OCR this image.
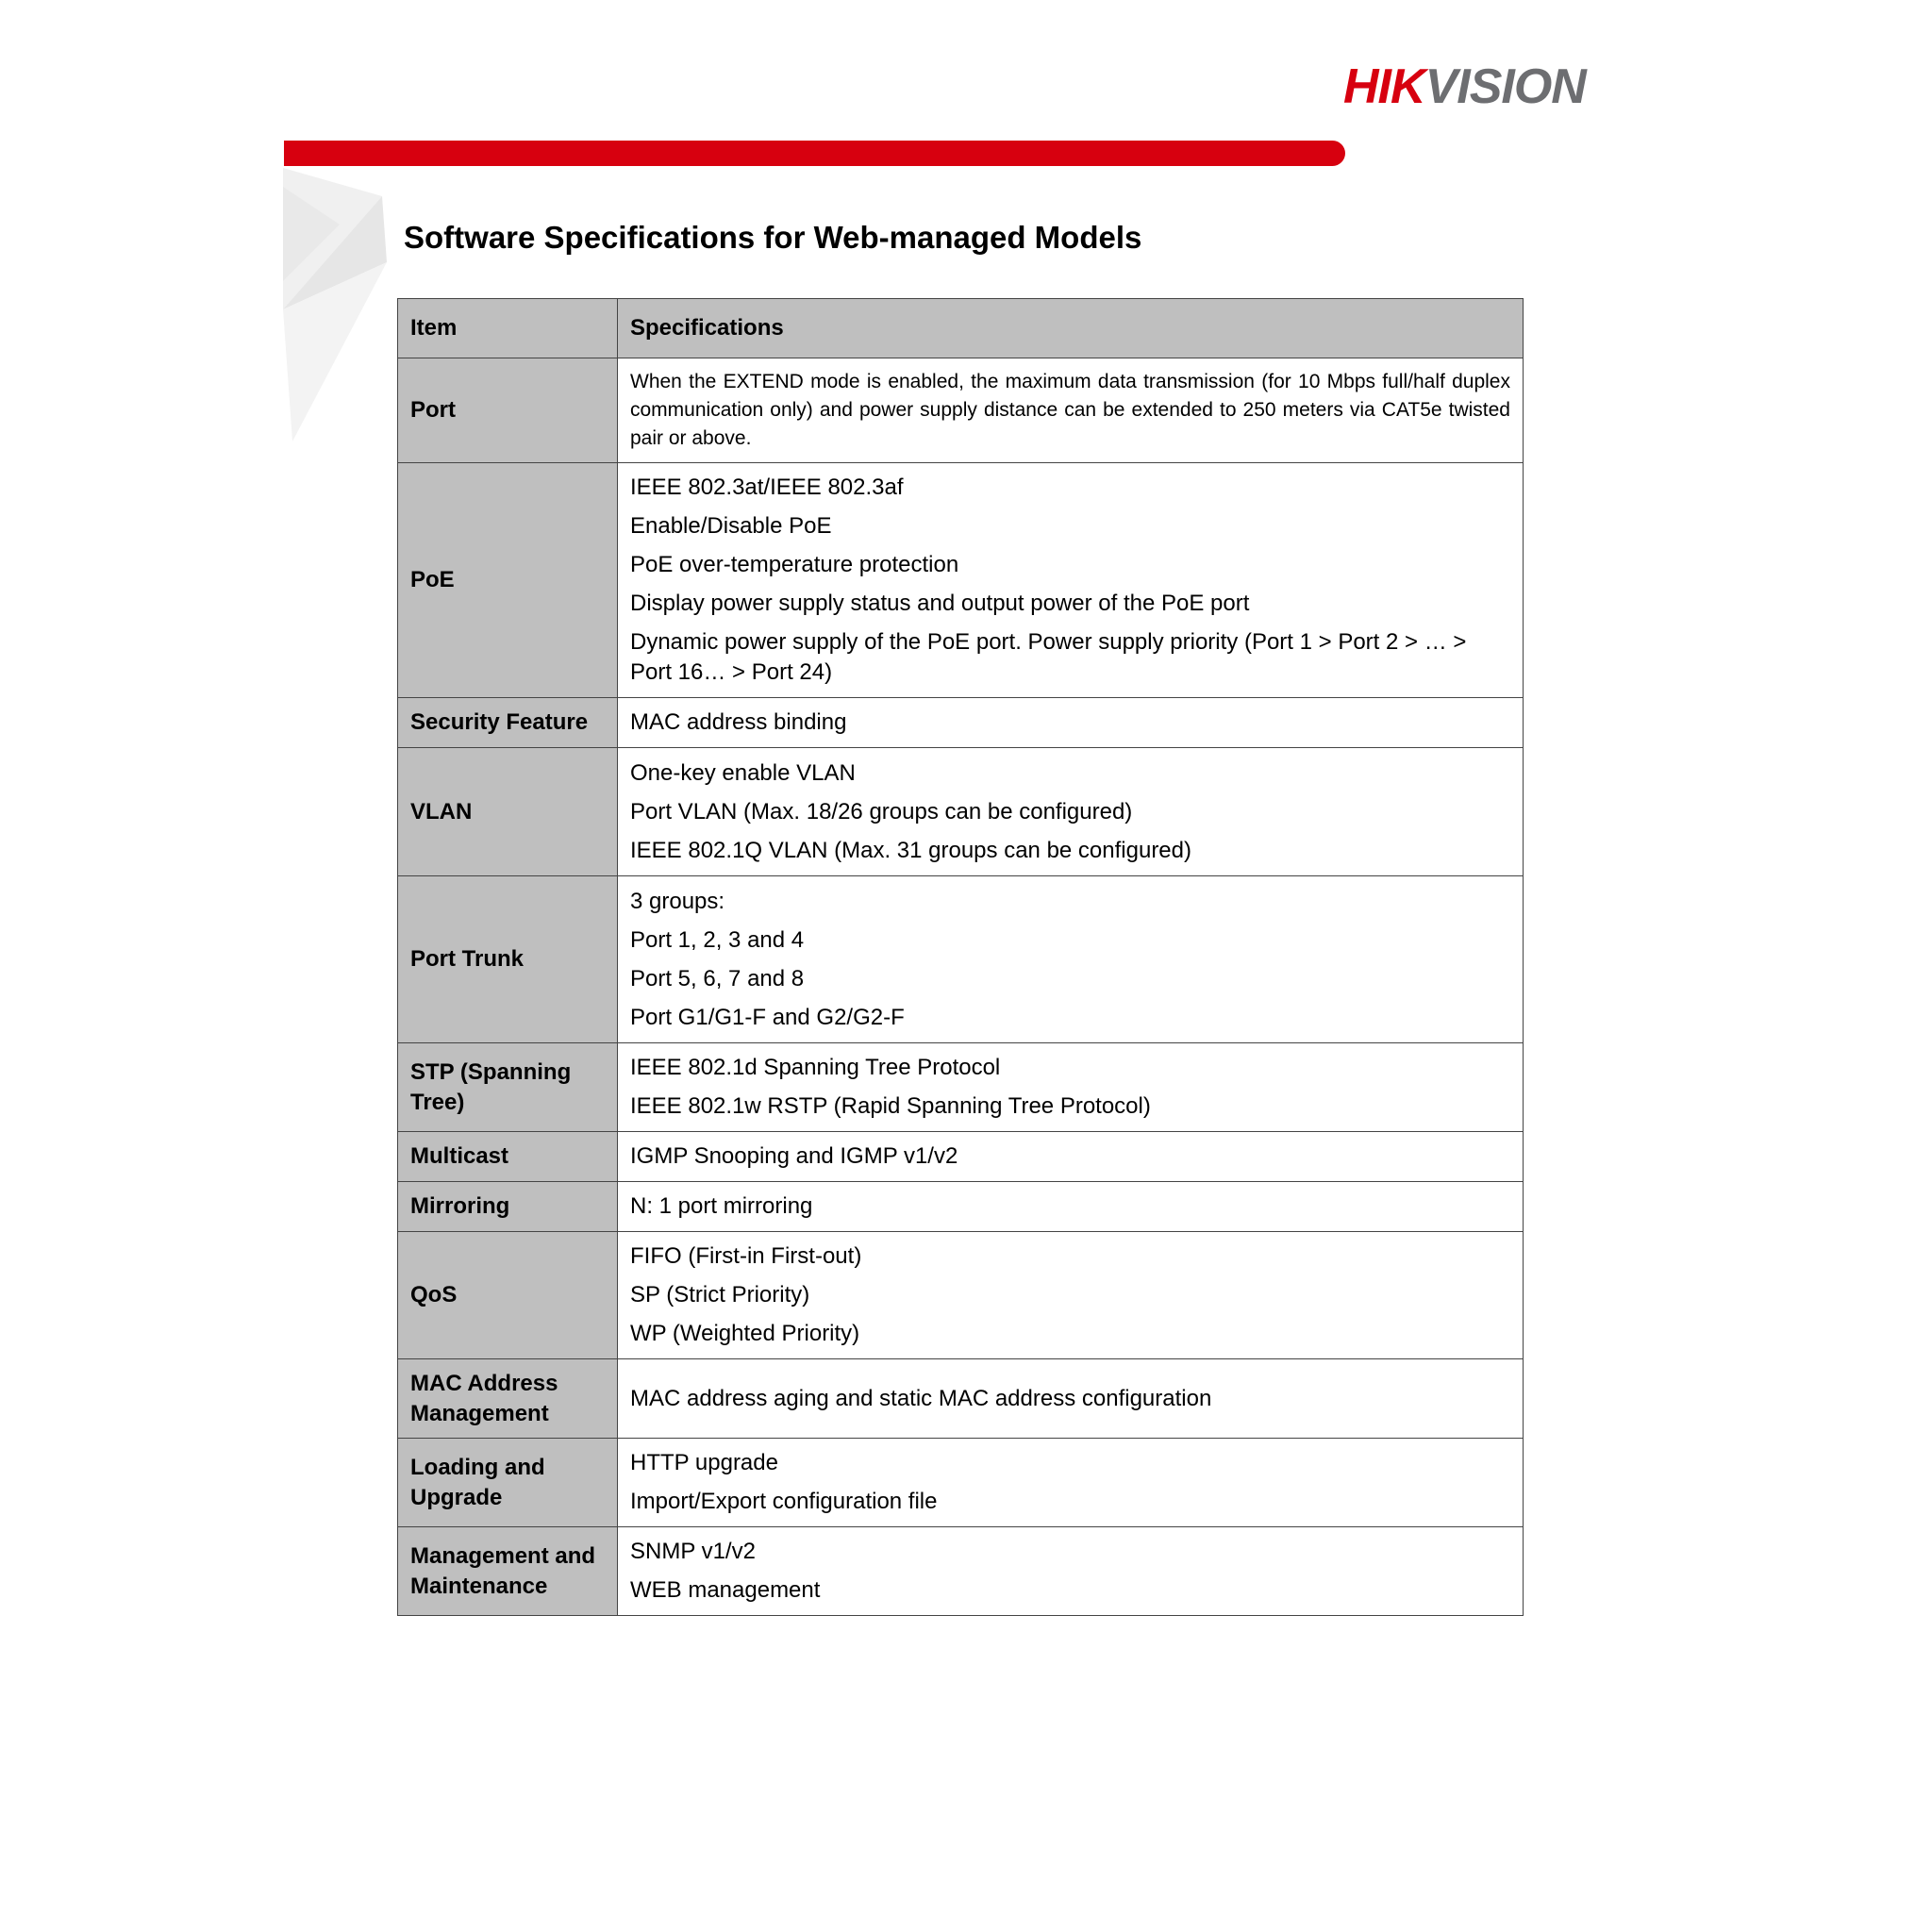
HIKVISION
Software Specifications for Web-managed Models
Item	Specifications
Port	When the EXTEND mode is enabled, the maximum data transmission (for 10 Mbps full/half duplex communication only) and power supply distance can be extended to 250 meters via CAT5e twisted pair or above.

PoE	IEEE 802.3at/IEEE 802.3af
Enable/Disable PoE
PoE over-temperature protection
Display power supply status and output power of the PoE port
Dynamic power supply of the PoE port. Power supply priority (Port 1 > Port 2 > … > Port 16… > Port 24)

Security Feature	MAC address binding

VLAN	One-key enable VLAN
Port VLAN (Max. 18/26 groups can be configured)
IEEE 802.1Q VLAN (Max. 31 groups can be configured)

Port Trunk	3 groups:
Port 1, 2, 3 and 4
Port 5, 6, 7 and 8
Port G1/G1-F and G2/G2-F

STP (Spanning Tree)	IEEE 802.1d Spanning Tree Protocol
IEEE 802.1w RSTP (Rapid Spanning Tree Protocol)

Multicast	IGMP Snooping and IGMP v1/v2

Mirroring	N: 1 port mirroring

QoS	FIFO (First-in First-out)
SP (Strict Priority)
WP (Weighted Priority)

MAC Address Management	MAC address aging and static MAC address configuration

Loading and Upgrade	HTTP upgrade
Import/Export configuration file

Management and Maintenance	SNMP v1/v2
WEB management
